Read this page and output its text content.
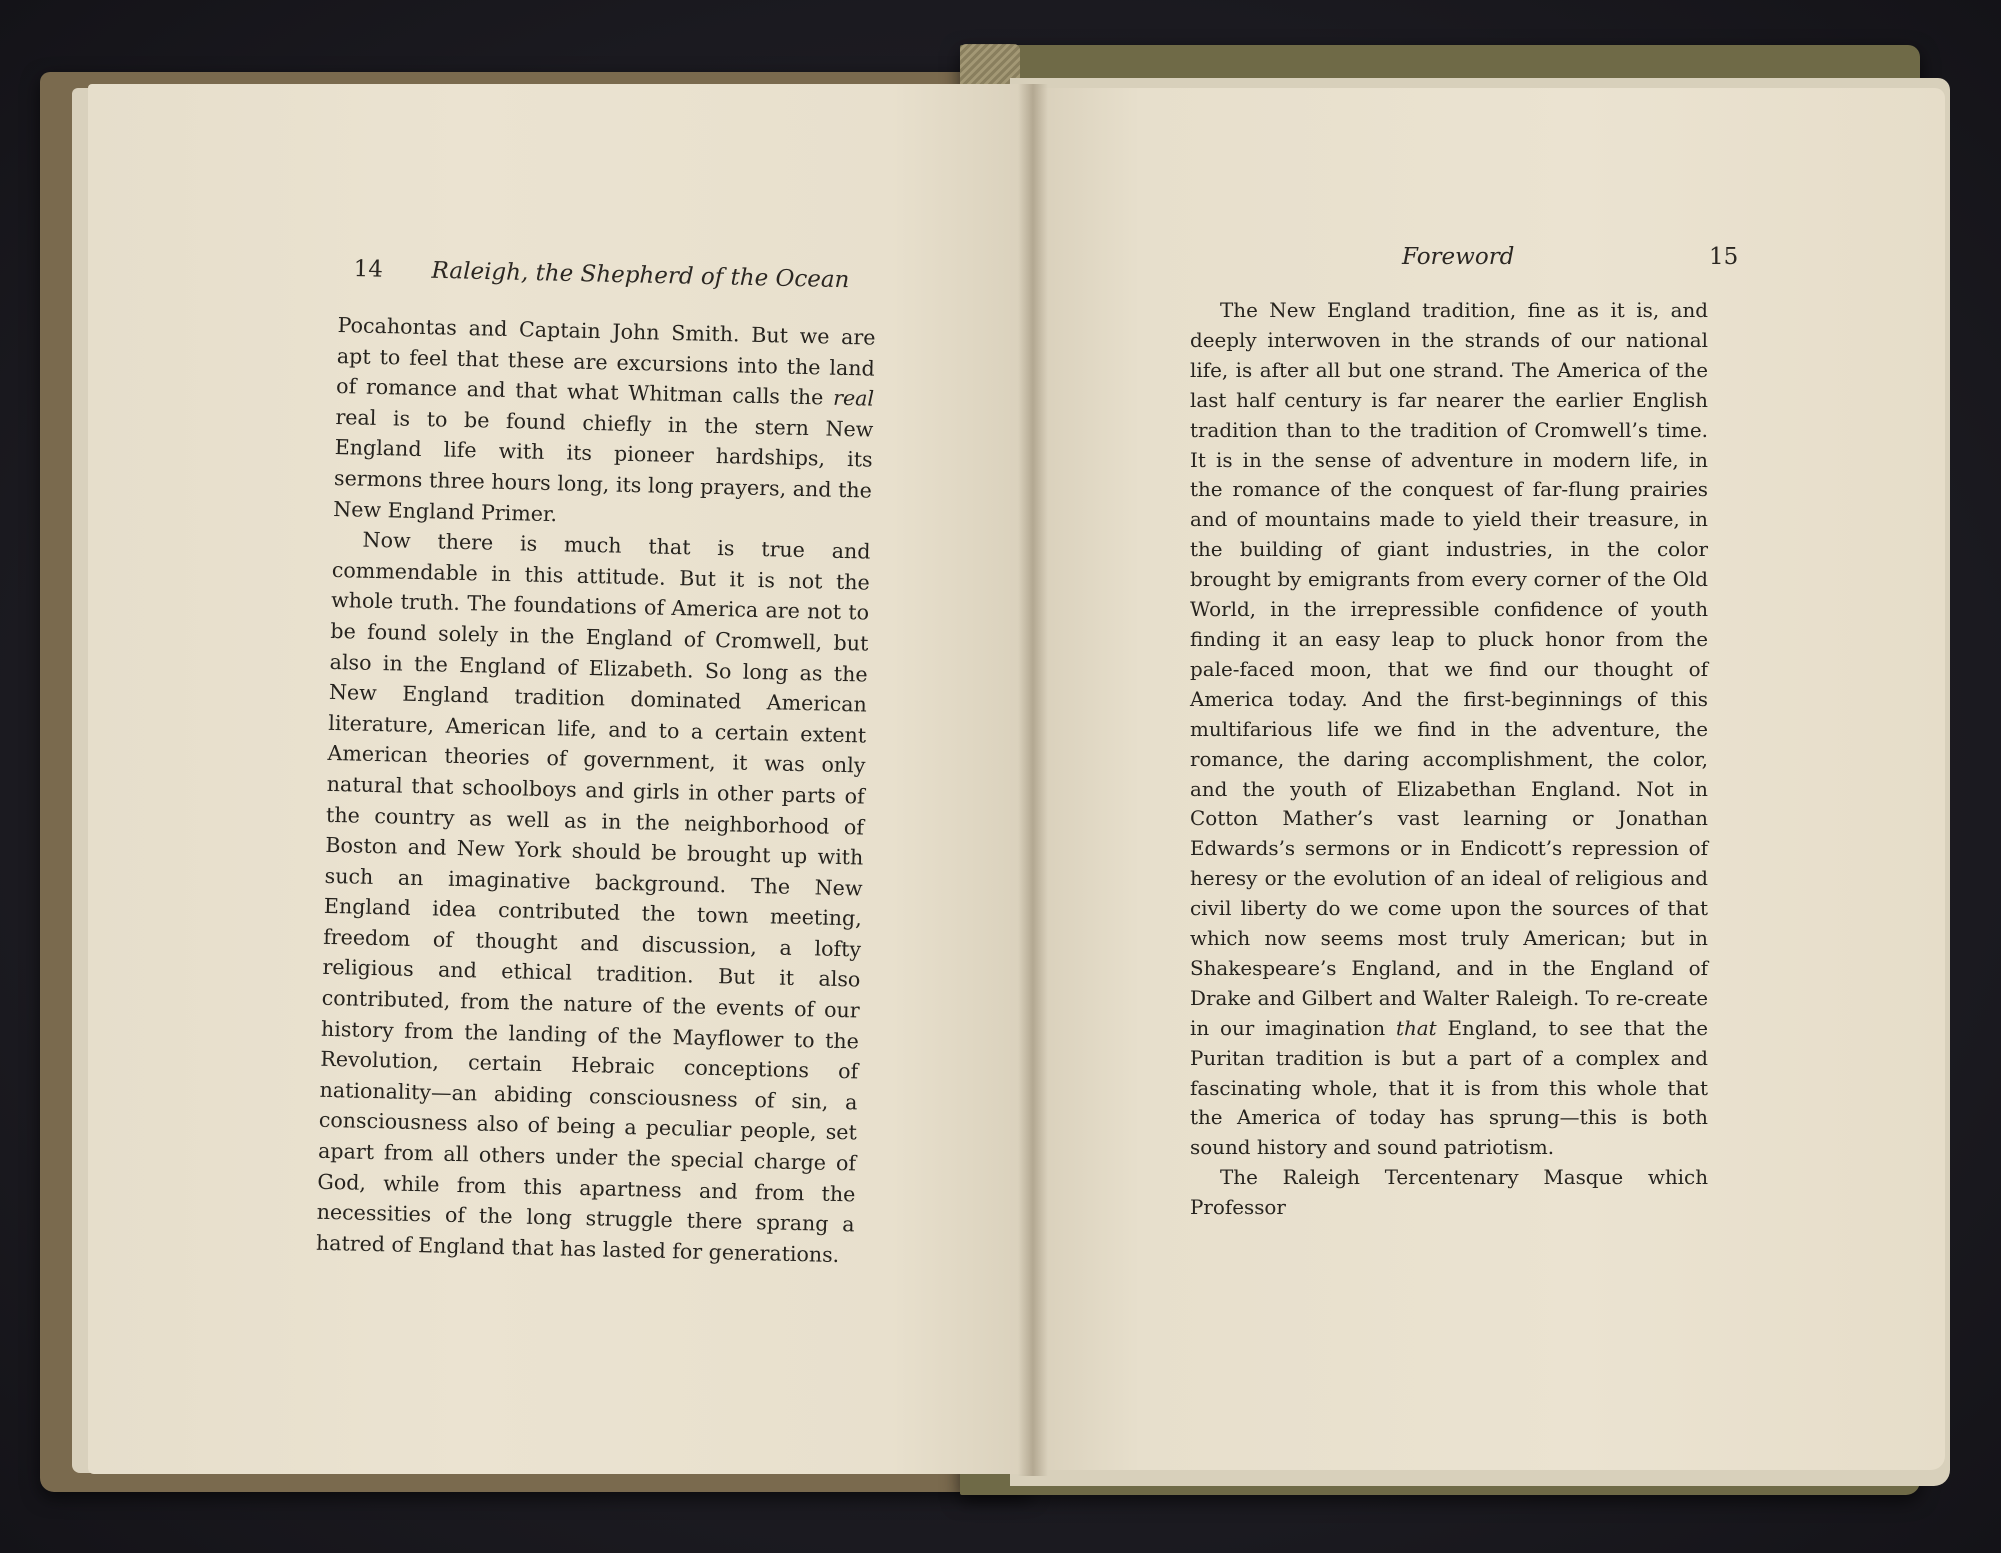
14 Raleigh, the Shepherd of the Ocean

Pocahontas and Captain John Smith. But we are apt to feel that these are excursions into the land of romance and that what Whitman calls the real real is to be found chiefly in the stern New England life with its pioneer hardships, its sermons three hours long, its long prayers, and the New England Primer.

Now there is much that is true and commendable in this attitude. But it is not the whole truth. The foundations of America are not to be found solely in the England of Cromwell, but also in the England of Elizabeth. So long as the New England tradition dominated American literature, American life, and to a certain extent American theories of government, it was only natural that schoolboys and girls in other parts of the country as well as in the neighborhood of Boston and New York should be brought up with such an imaginative background. The New England idea contributed the town meeting, freedom of thought and discussion, a lofty religious and ethical tradition. But it also contributed, from the nature of the events of our history from the landing of the Mayflower to the Revolution, certain Hebraic conceptions of nationality—an abiding consciousness of sin, a consciousness also of being a peculiar people, set apart from all others under the special charge of God, while from this apartness and from the necessities of the long struggle there sprang a hatred of England that has lasted for generations.

Foreword	15

The New England tradition, fine as it is, and deeply interwoven in the strands of our national life, is after all but one strand. The America of the last half century is far nearer the earlier English tradition than to the tradition of Cromwell’s time. It is in the sense of adventure in modern life, in the romance of the conquest of far-flung prairies and of mountains made to yield their treasure, in the building of giant industries, in the color brought by emigrants from every corner of the Old World, in the irrepressible confidence of youth finding it an easy leap to pluck honor from the pale-faced moon, that we find our thought of America today. And the first-beginnings of this multifarious life we find in the adventure, the romance, the daring accomplishment, the color, and the youth of Elizabethan England. Not in Cotton Mather’s vast learning or Jonathan Edwards’s sermons or in Endicott’s repression of heresy or the evolution of an ideal of religious and civil liberty do we come upon the sources of that which now seems most truly American; but in Shakespeare’s England, and in the England of Drake and Gilbert and Walter Raleigh. To re-create in our imagination that England, to see that the Puritan tradition is but a part of a complex and fascinating whole, that it is from this whole that the America of today has sprung—this is both sound history and sound patriotism.

The Raleigh Tercentenary Masque which Professor
